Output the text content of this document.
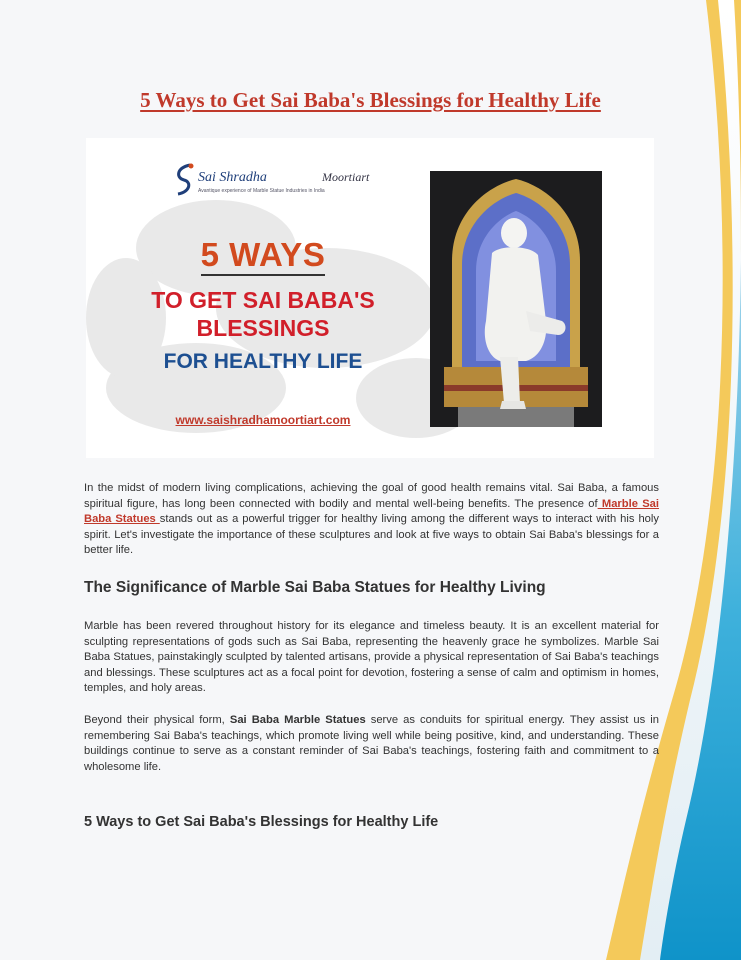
5 Ways to Get Sai Baba's Blessings for Healthy Life
Sai Shradha
Avantique experience of Marble Statue Industries in India
Moortiart
5 WAYS
TO GET SAI BABA'S BLESSINGS
FOR HEALTHY LIFE
www.saishradhamoortiart.com

In the midst of modern living complications, achieving the goal of good health remains vital. Sai Baba, a famous spiritual figure, has long been connected with bodily and mental well-being benefits. The presence of Marble Sai Baba Statues stands out as a powerful trigger for healthy living among the different ways to interact with his holy spirit. Let's investigate the importance of these sculptures and look at five ways to obtain Sai Baba's blessings for a better life.

The Significance of Marble Sai Baba Statues for Healthy Living

Marble has been revered throughout history for its elegance and timeless beauty. It is an excellent material for sculpting representations of gods such as Sai Baba, representing the heavenly grace he symbolizes. Marble Sai Baba Statues, painstakingly sculpted by talented artisans, provide a physical representation of Sai Baba's teachings and blessings. These sculptures act as a focal point for devotion, fostering a sense of calm and optimism in homes, temples, and holy areas.

Beyond their physical form, Sai Baba Marble Statues serve as conduits for spiritual energy. They assist us in remembering Sai Baba's teachings, which promote living well while being positive, kind, and understanding. These buildings continue to serve as a constant reminder of Sai Baba's teachings, fostering faith and commitment to a wholesome life.

5 Ways to Get Sai Baba's Blessings for Healthy Life
